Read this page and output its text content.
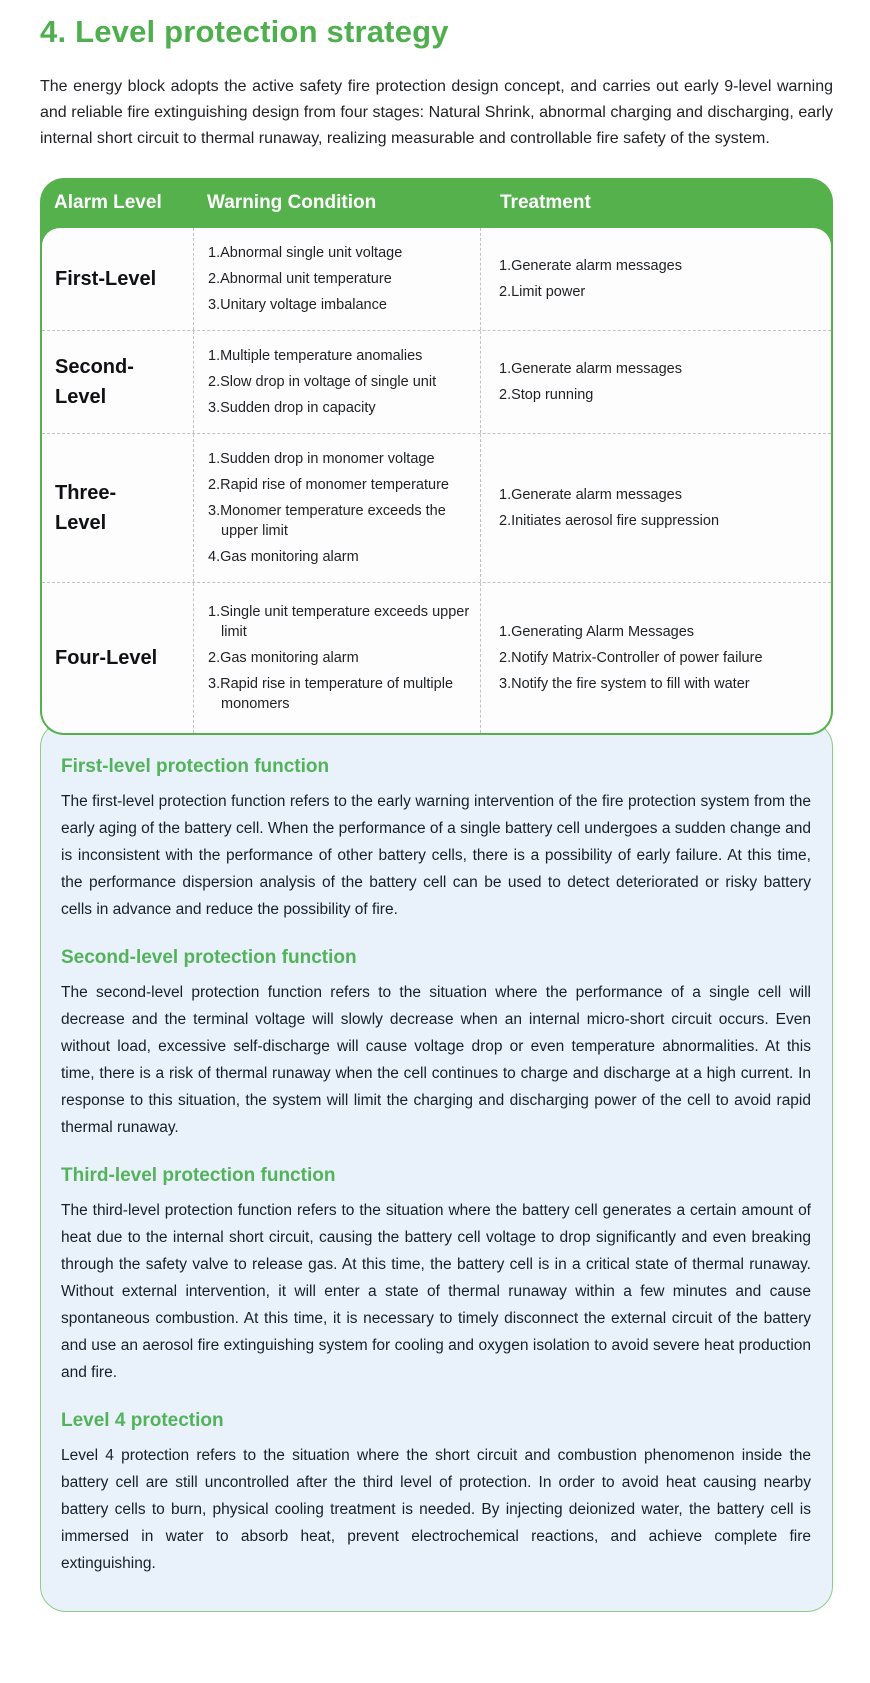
4. Level protection strategy

The energy block adopts the active safety fire protection design concept, and carries out early 9-level warning and reliable fire extinguishing design from four stages: Natural Shrink, abnormal charging and discharging, early internal short circuit to thermal runaway, realizing measurable and controllable fire safety of the system.

Alarm Level	Warning Condition	Treatment
First-Level
1.Abnormal single unit voltage
2.Abnormal unit temperature
3.Unitary voltage imbalance
1.Generate alarm messages
2.Limit power
Second-
Level
1.Multiple temperature anomalies
2.Slow drop in voltage of single unit
3.Sudden drop in capacity
1.Generate alarm messages
2.Stop running
Three-
Level
1.Sudden drop in monomer voltage
2.Rapid rise of monomer temperature
3.Monomer temperature exceeds the upper limit
4.Gas monitoring alarm
1.Generate alarm messages
2.Initiates aerosol fire suppression
Four-Level
1.Single unit temperature exceeds upper limit
2.Gas monitoring alarm
3.Rapid rise in temperature of multiple monomers
1.Generating Alarm Messages
2.Notify Matrix-Controller of power failure
3.Notify the fire system to fill with water
First-level protection function

The first-level protection function refers to the early warning intervention of the fire protection system from the early aging of the battery cell. When the performance of a single battery cell undergoes a sudden change and is inconsistent with the performance of other battery cells, there is a possibility of early failure. At this time, the performance dispersion analysis of the battery cell can be used to detect deteriorated or risky battery cells in advance and reduce the possibility of fire.

Second-level protection function

The second-level protection function refers to the situation where the performance of a single cell will decrease and the terminal voltage will slowly decrease when an internal micro-short circuit occurs. Even without load, excessive self-discharge will cause voltage drop or even temperature abnormalities. At this time, there is a risk of thermal runaway when the cell continues to charge and discharge at a high current. In response to this situation, the system will limit the charging and discharging power of the cell to avoid rapid thermal runaway.

Third-level protection function

The third-level protection function refers to the situation where the battery cell generates a certain amount of heat due to the internal short circuit, causing the battery cell voltage to drop significantly and even breaking through the safety valve to release gas. At this time, the battery cell is in a critical state of thermal runaway. Without external intervention, it will enter a state of thermal runaway within a few minutes and cause spontaneous combustion. At this time, it is necessary to timely disconnect the external circuit of the battery and use an aerosol fire extinguishing system for cooling and oxygen isolation to avoid severe heat production and fire.

Level 4 protection

Level 4 protection refers to the situation where the short circuit and combustion phenomenon inside the battery cell are still uncontrolled after the third level of protection. In order to avoid heat causing nearby battery cells to burn, physical cooling treatment is needed. By injecting deionized water, the battery cell is immersed in water to absorb heat, prevent electrochemical reactions, and achieve complete fire extinguishing.
